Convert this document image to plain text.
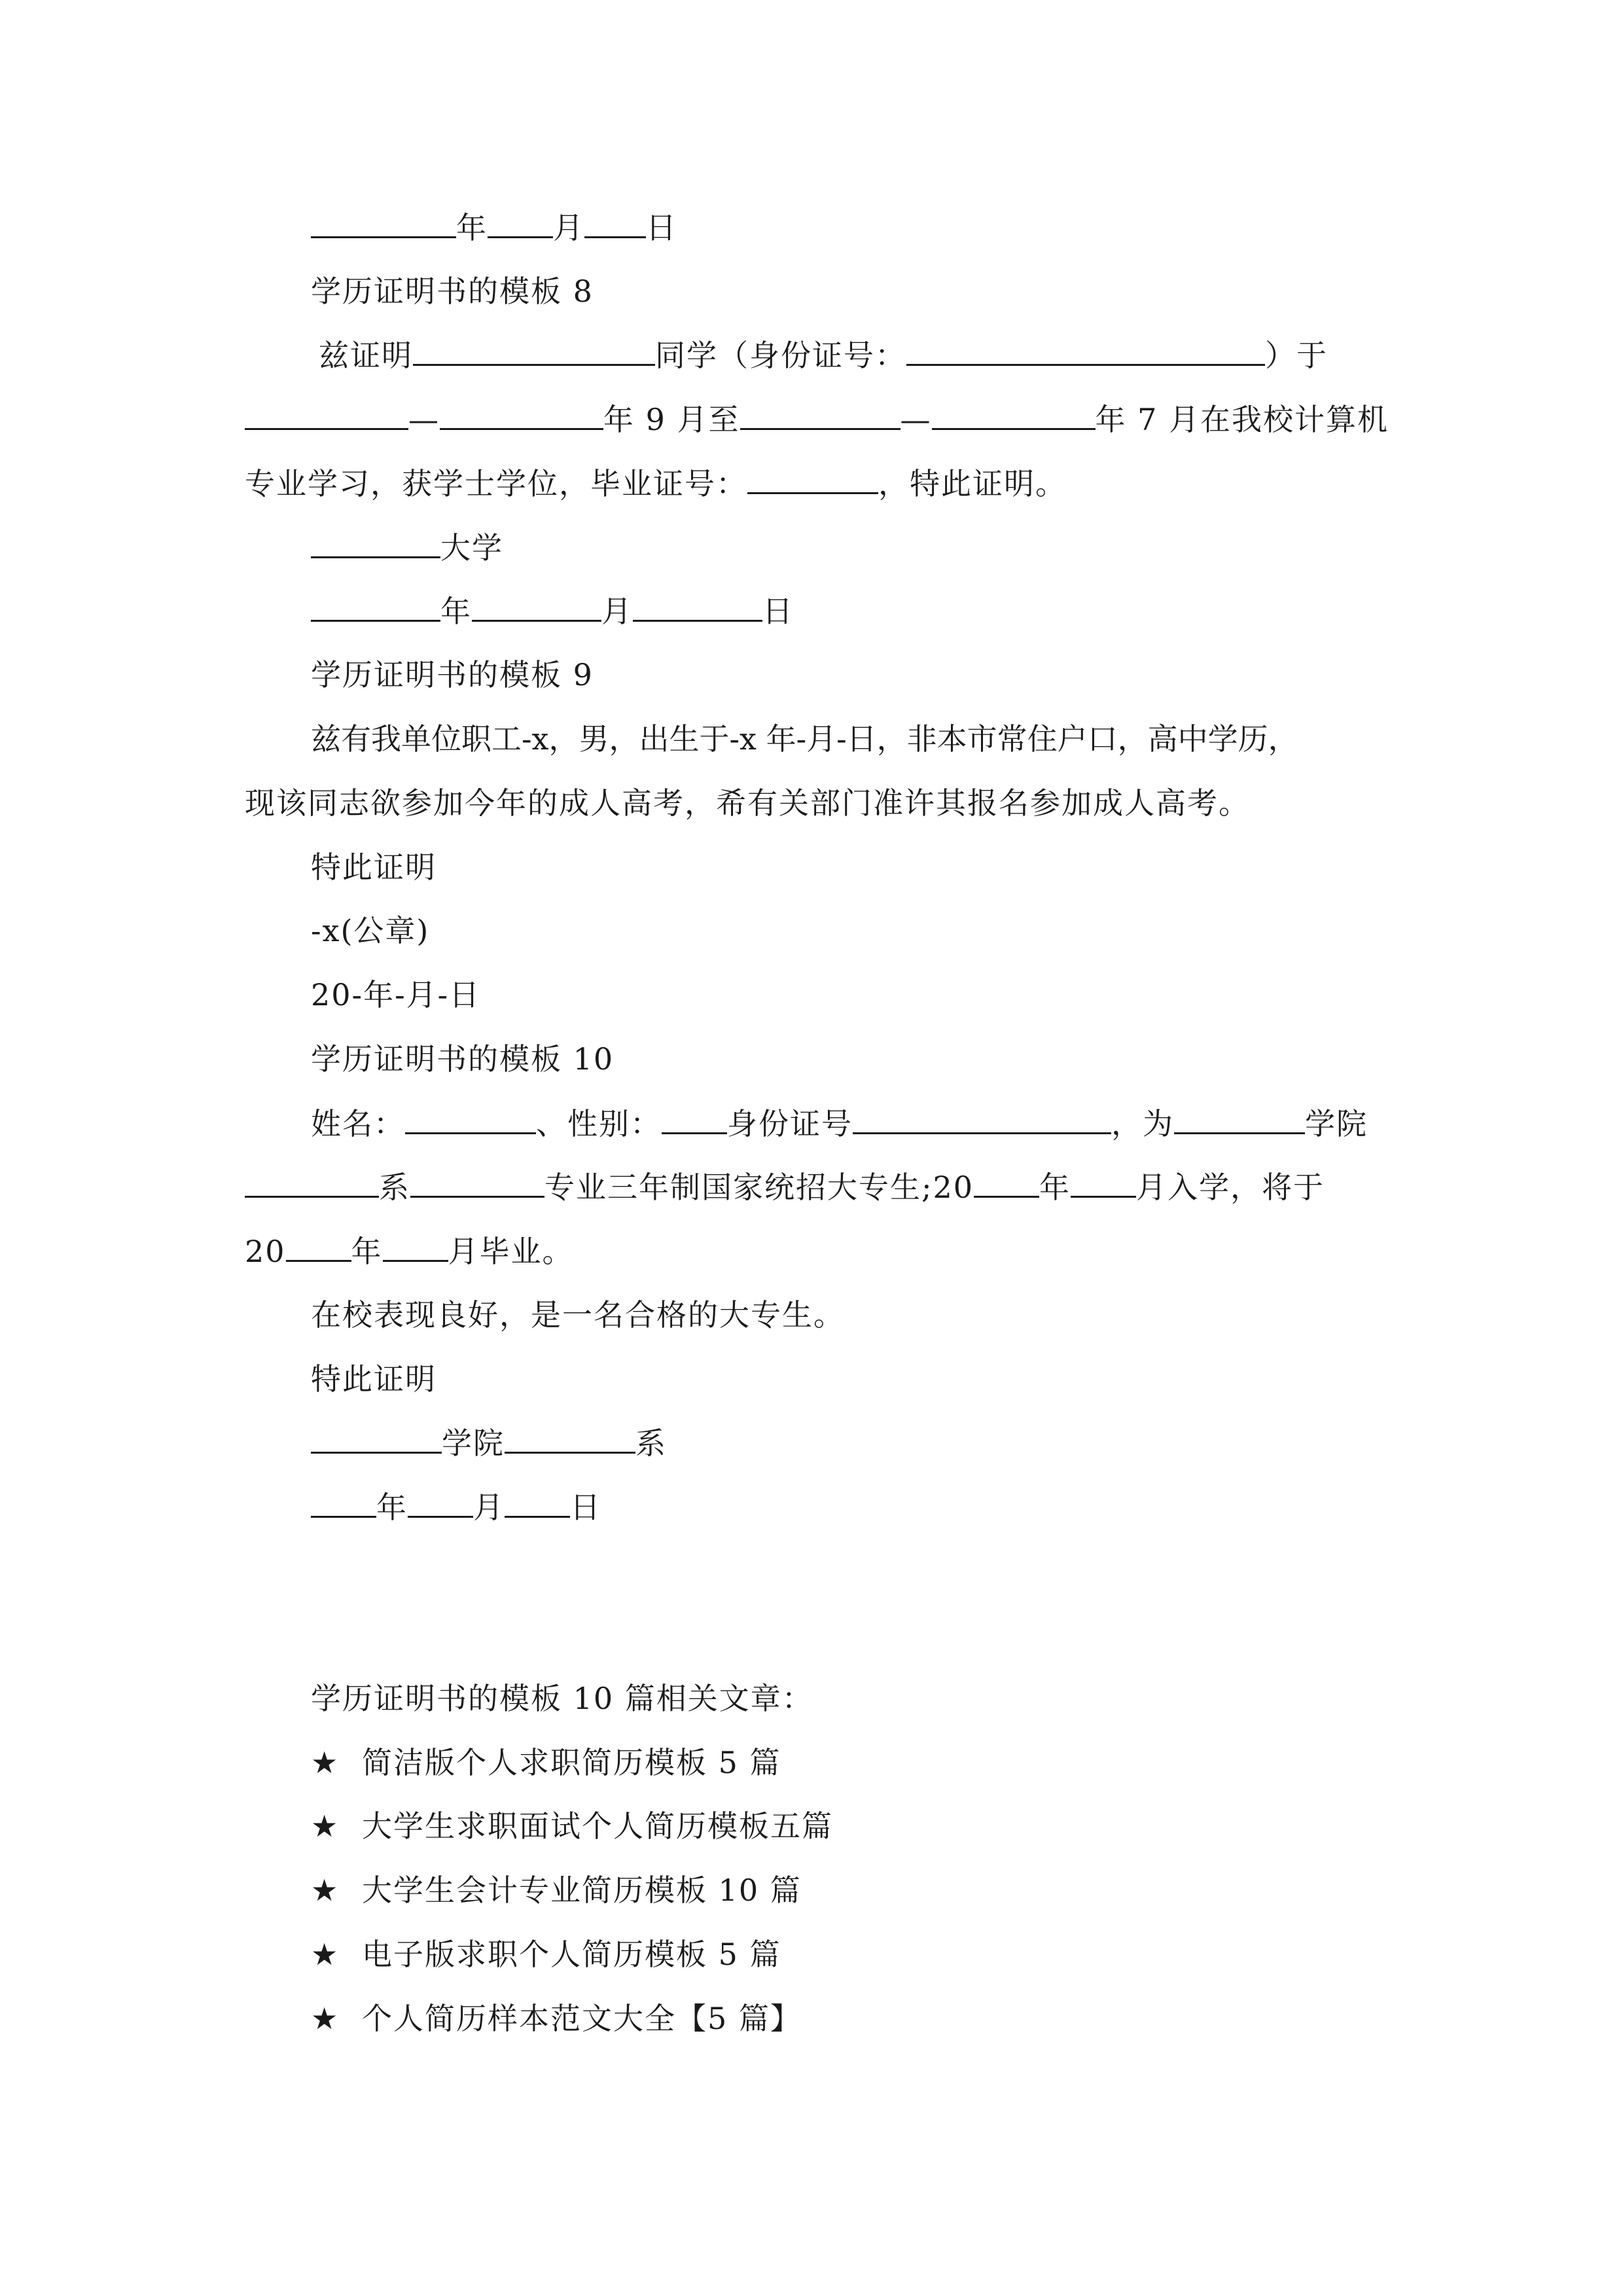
年 月 日
学历证明书的模板 8
兹证明	同学（身份证号：	）于
—	年 9 月至	—	年 7 月在我校计算机
专业学习，获学士学位，毕业证号：	，特此证明。
大学
年	月	日
学历证明书的模板 9
兹有我单位职工-x，男，出生于-x 年-月-日，非本市常住户口，高中学历，
现该同志欲参加今年的成人高考，希有关部门准许其报名参加成人高考。
特此证明
-x(公章)
20-年-月-日
学历证明书的模板 10
姓名：	、性别： 身份证号	，为	学院
系	专业三年制国家统招大专生;20 年 月入学，将于
20 年 月毕业。
在校表现良好，是一名合格的大专生。
特此证明
学院	系
年 月 日
学历证明书的模板 10 篇相关文章：
★ 简洁版个人求职简历模板 5 篇
★ 大学生求职面试个人简历模板五篇
★ 大学生会计专业简历模板 10 篇
★ 电子版求职个人简历模板 5 篇
★ 个人简历样本范文大全【5 篇】
